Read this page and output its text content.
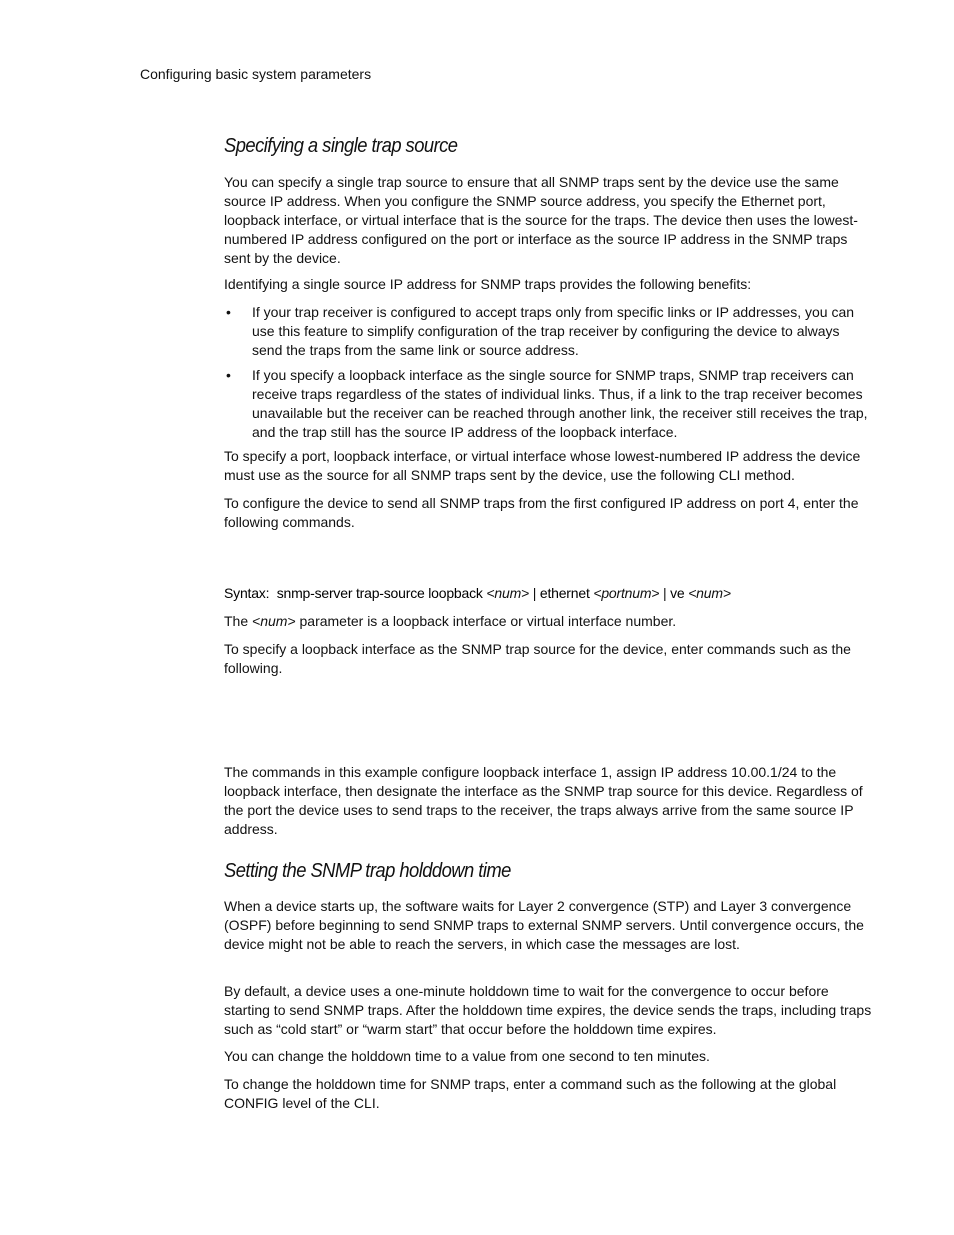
Configuring basic system parameters
Specifying a single trap source

You can specify a single trap source to ensure that all SNMP traps sent by the device use the same source IP address. When you configure the SNMP source address, you specify the Ethernet port, loopback interface, or virtual interface that is the source for the traps. The device then uses the lowest-numbered IP address configured on the port or interface as the source IP address in the SNMP traps sent by the device.

Identifying a single source IP address for SNMP traps provides the following benefits:

•	If your trap receiver is configured to accept traps only from specific links or IP addresses, you can use this feature to simplify configuration of the trap receiver by configuring the device to always send the traps from the same link or source address.
•	If you specify a loopback interface as the single source for SNMP traps, SNMP trap receivers can receive traps regardless of the states of individual links. Thus, if a link to the trap receiver becomes unavailable but the receiver can be reached through another link, the receiver still receives the trap, and the trap still has the source IP address of the loopback interface.

To specify a port, loopback interface, or virtual interface whose lowest-numbered IP address the device must use as the source for all SNMP traps sent by the device, use the following CLI method.

To configure the device to send all SNMP traps from the first configured IP address on port 4, enter the following commands.

Syntax: snmp-server trap-source loopback <num> | ethernet <portnum> | ve <num>

The <num> parameter is a loopback interface or virtual interface number.

To specify a loopback interface as the SNMP trap source for the device, enter commands such as the following.

The commands in this example configure loopback interface 1, assign IP address 10.00.1/24 to the loopback interface, then designate the interface as the SNMP trap source for this device. Regardless of the port the device uses to send traps to the receiver, the traps always arrive from the same source IP address.

Setting the SNMP trap holddown time

When a device starts up, the software waits for Layer 2 convergence (STP) and Layer 3 convergence (OSPF) before beginning to send SNMP traps to external SNMP servers. Until convergence occurs, the device might not be able to reach the servers, in which case the messages are lost.

By default, a device uses a one-minute holddown time to wait for the convergence to occur before starting to send SNMP traps. After the holddown time expires, the device sends the traps, including traps such as “cold start” or “warm start” that occur before the holddown time expires.

You can change the holddown time to a value from one second to ten minutes.

To change the holddown time for SNMP traps, enter a command such as the following at the global CONFIG level of the CLI.
